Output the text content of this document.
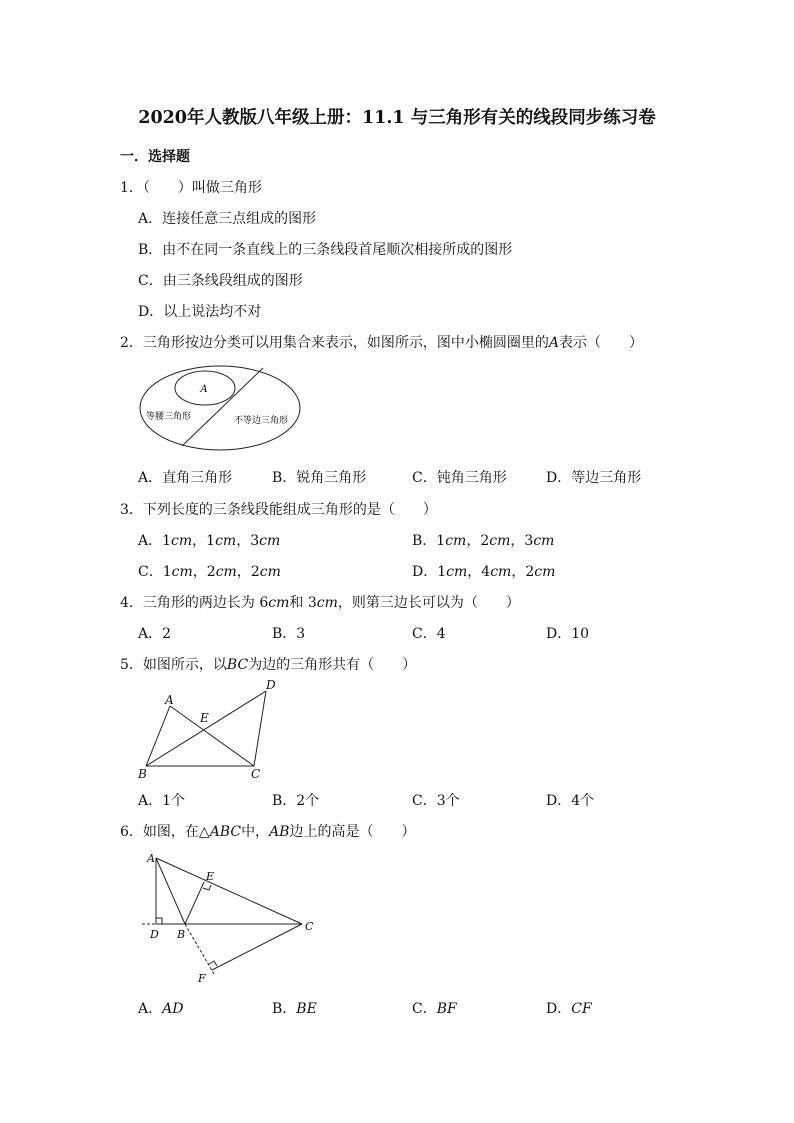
2020年人教版八年级上册：11.1 与三角形有关的线段同步练习卷
一．选择题
1．（　　）叫做三角形
A．连接任意三点组成的图形
B．由不在同一条直线上的三条线段首尾顺次相接所成的图形
C．由三条线段组成的图形
D．以上说法均不对
2．三角形按边分类可以用集合来表示，如图所示，图中小椭圆圈里的A表示（　　）
A
等腰三角形	不等边三角形
A．直角三角形	B．锐角三角形	C．钝角三角形	D．等边三角形
3．下列长度的三条线段能组成三角形的是（　　）
A．1cm，1cm，3cm	B．1cm，2cm，3cm
C．1cm，2cm，2cm	D．1cm，4cm，2cm
4．三角形的两边长为 6cm和 3cm，则第三边长可以为（　　）
A．2	B．3	C．4	D．10
5．如图所示，以BC为边的三角形共有（　　）
A
B	C
D
E
A．1个	B．2个	C．3个	D．4个
6．如图，在△ABC中，AB边上的高是（　　）
A
B
C
D
E
F
A．AD	B．BE	C．BF	D．CF
